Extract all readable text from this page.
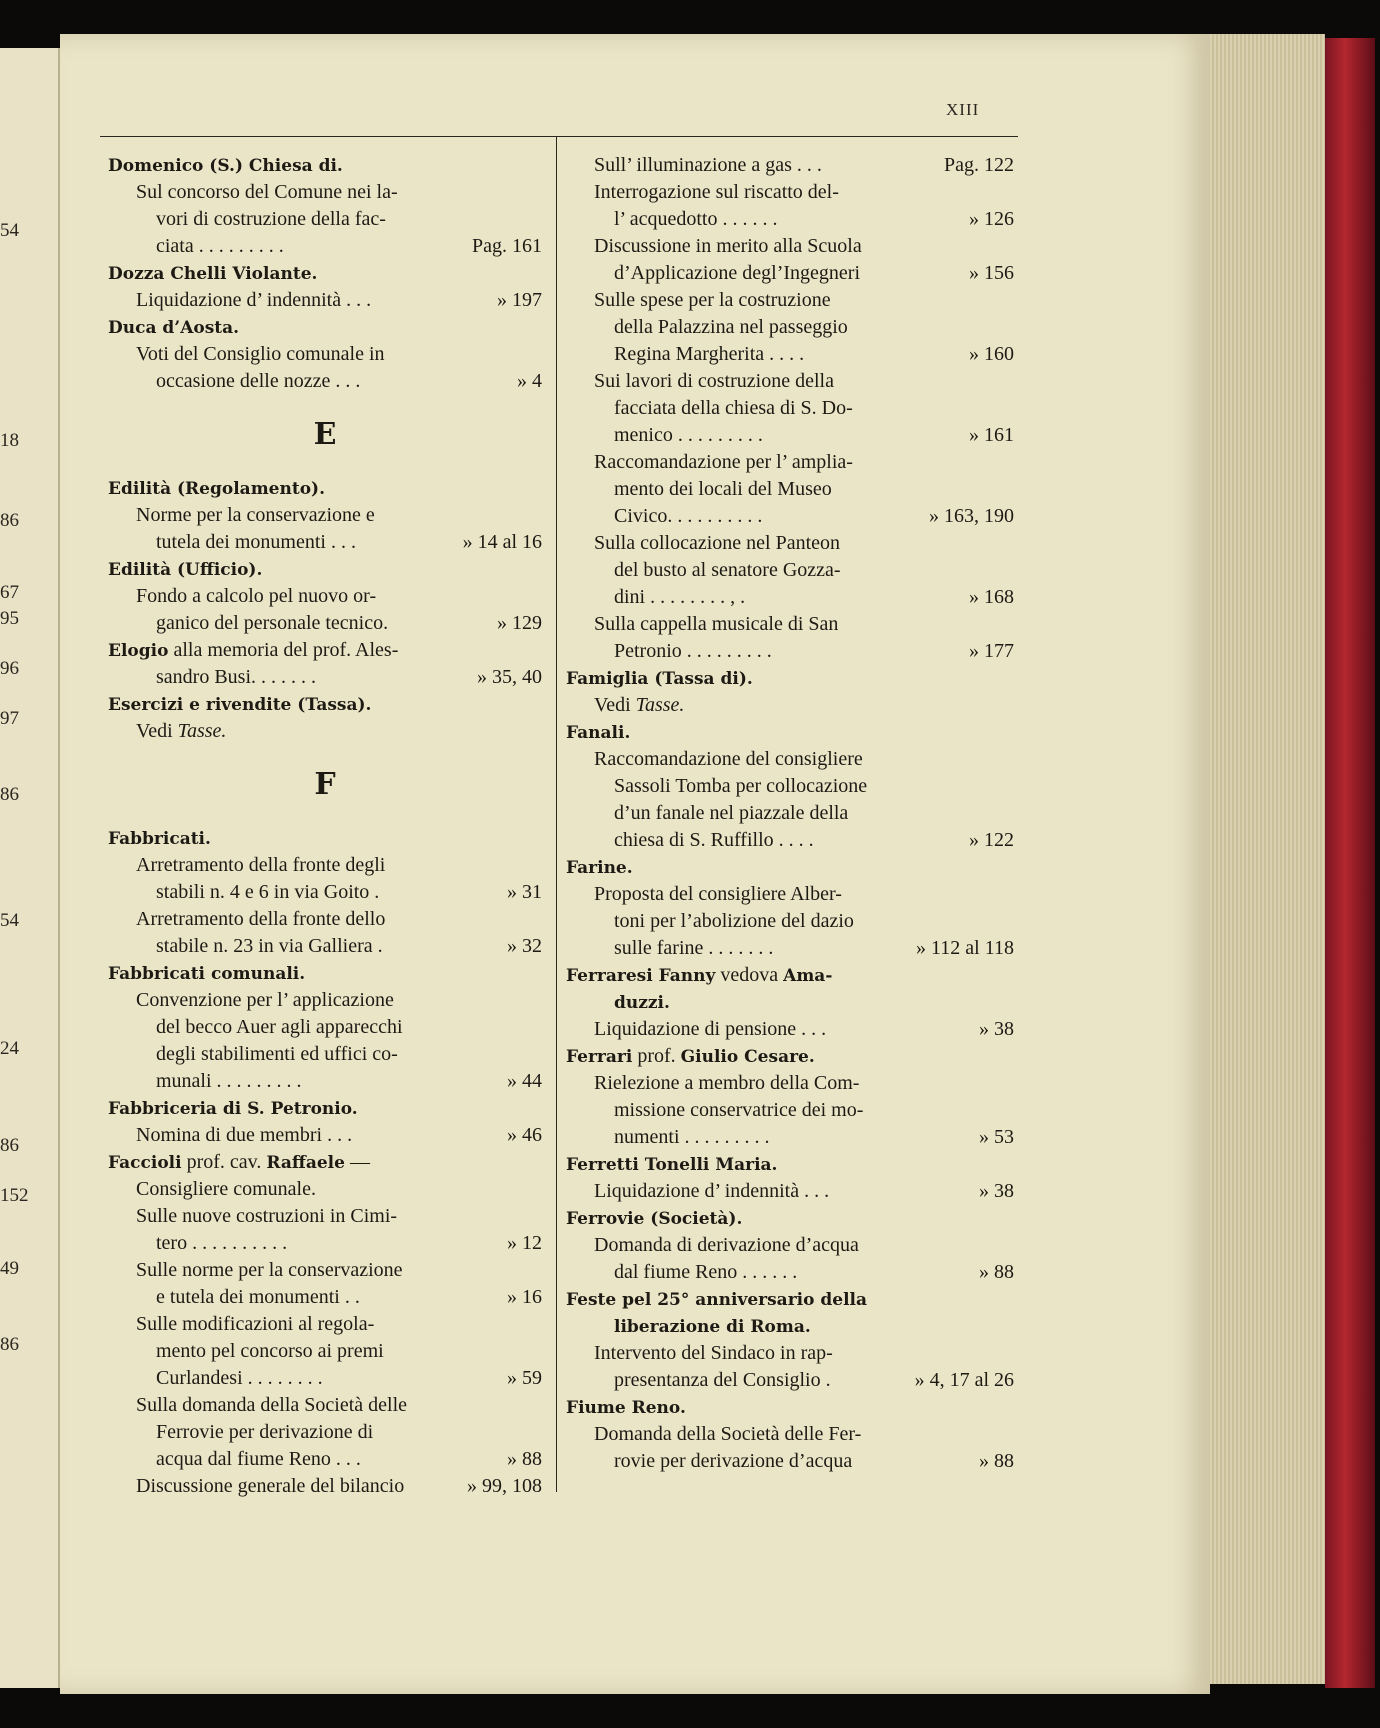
54
18
86
67
95
96
97
86
54
24
86
152
49
86
XIII
Domenico (S.) Chiesa di.
Sul concorso del Comune nei la-
vori di costruzione della fac-
ciata . . . . . . . . .	Pag. 161
Dozza Chelli Violante.
Liquidazione d’ indennità . . .	» 197
Duca d’Aosta.
Voti del Consiglio comunale in
occasione delle nozze . . .	» 4
E
Edilità (Regolamento).
Norme per la conservazione e
tutela dei monumenti . . .	» 14 al 16
Edilità (Ufficio).
Fondo a calcolo pel nuovo or-
ganico del personale tecnico.	» 129
Elogio alla memoria del prof. Ales-
sandro Busi. . . . . . .	» 35, 40
Esercizi e rivendite (Tassa).
Vedi Tasse.
F
Fabbricati.
Arretramento della fronte degli
stabili n. 4 e 6 in via Goito .	» 31
Arretramento della fronte dello
stabile n. 23 in via Galliera .	» 32
Fabbricati comunali.
Convenzione per l’ applicazione
del becco Auer agli apparecchi
degli stabilimenti ed uffici co-
munali . . . . . . . . .	» 44
Fabbriceria di S. Petronio.
Nomina di due membri . . .	» 46
Faccioli prof. cav. Raffaele —
Consigliere comunale.
Sulle nuove costruzioni in Cimi-
tero . . . . . . . . . .	» 12
Sulle norme per la conservazione
e tutela dei monumenti . .	» 16
Sulle modificazioni al regola-
mento pel concorso ai premi
Curlandesi . . . . . . . .	» 59
Sulla domanda della Società delle
Ferrovie per derivazione di
acqua dal fiume Reno . . .	» 88
Discussione generale del bilancio	» 99, 108
Sull’ illuminazione a gas . . .	Pag. 122
Interrogazione sul riscatto del-
l’ acquedotto . . . . . .	» 126
Discussione in merito alla Scuola
d’Applicazione degl’Ingegneri	» 156
Sulle spese per la costruzione
della Palazzina nel passeggio
Regina Margherita . . . .	» 160
Sui lavori di costruzione della
facciata della chiesa di S. Do-
menico . . . . . . . . .	» 161
Raccomandazione per l’ amplia-
mento dei locali del Museo
Civico. . . . . . . . . .	» 163, 190
Sulla collocazione nel Panteon
del busto al senatore Gozza-
dini . . . . . . . . , .	» 168
Sulla cappella musicale di San
Petronio . . . . . . . . .	» 177
Famiglia (Tassa di).
Vedi Tasse.
Fanali.
Raccomandazione del consigliere
Sassoli Tomba per collocazione
d’un fanale nel piazzale della
chiesa di S. Ruffillo . . . .	» 122
Farine.
Proposta del consigliere Alber-
toni per l’abolizione del dazio
sulle farine . . . . . . .	» 112 al 118
Ferraresi Fanny vedova Ama-
duzzi.
Liquidazione di pensione . . .	» 38
Ferrari prof. Giulio Cesare.
Rielezione a membro della Com-
missione conservatrice dei mo-
numenti . . . . . . . . .	» 53
Ferretti Tonelli Maria.
Liquidazione d’ indennità . . .	» 38
Ferrovie (Società).
Domanda di derivazione d’acqua
dal fiume Reno . . . . . .	» 88
Feste pel 25° anniversario della
liberazione di Roma.
Intervento del Sindaco in rap-
presentanza del Consiglio .	» 4, 17 al 26
Fiume Reno.
Domanda della Società delle Fer-
rovie per derivazione d’acqua	» 88
